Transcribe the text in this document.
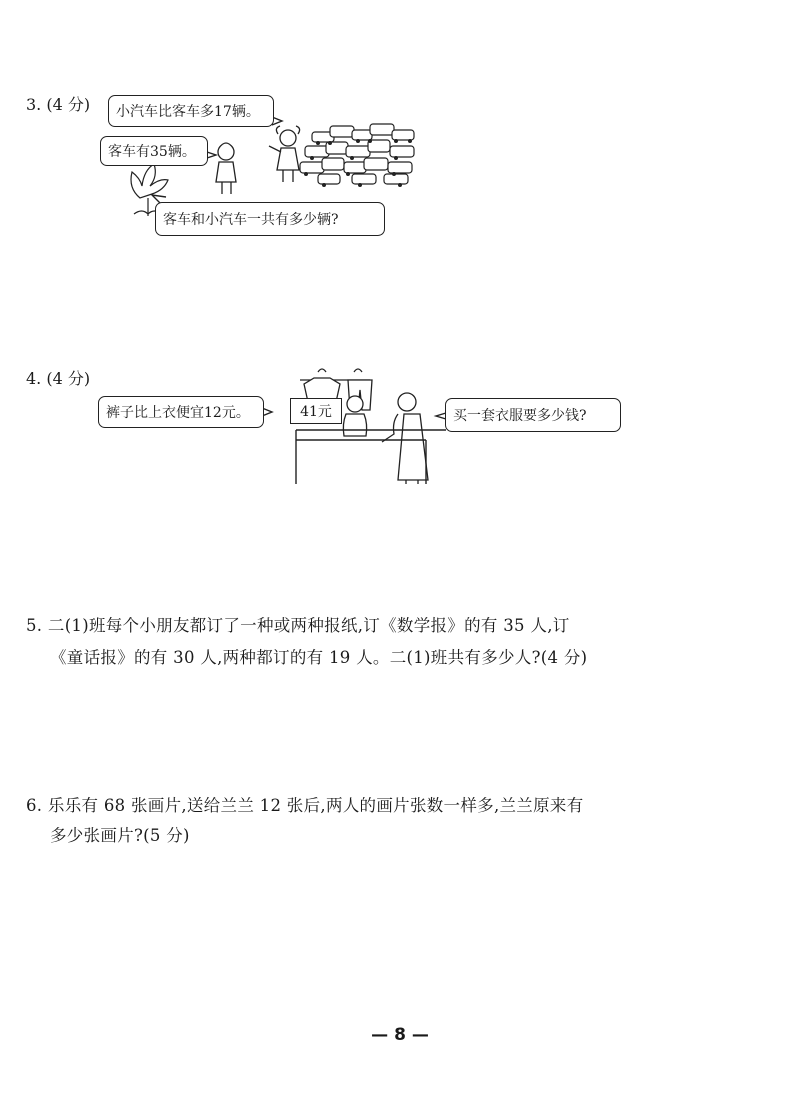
3. (4 分)	小汽车比客车多17辆。
客车有35辆。
客车和小汽车一共有多少辆?
4. (4 分)
裤子比上衣便宜12元。	41元	买一套衣服要多少钱?
5. 二(1)班每个小朋友都订了一种或两种报纸,订《数学报》的有 35 人,订
《童话报》的有 30 人,两种都订的有 19 人。二(1)班共有多少人?(4 分)
6. 乐乐有 68 张画片,送给兰兰 12 张后,两人的画片张数一样多,兰兰原来有
多少张画片?(5 分)
— 8 —
